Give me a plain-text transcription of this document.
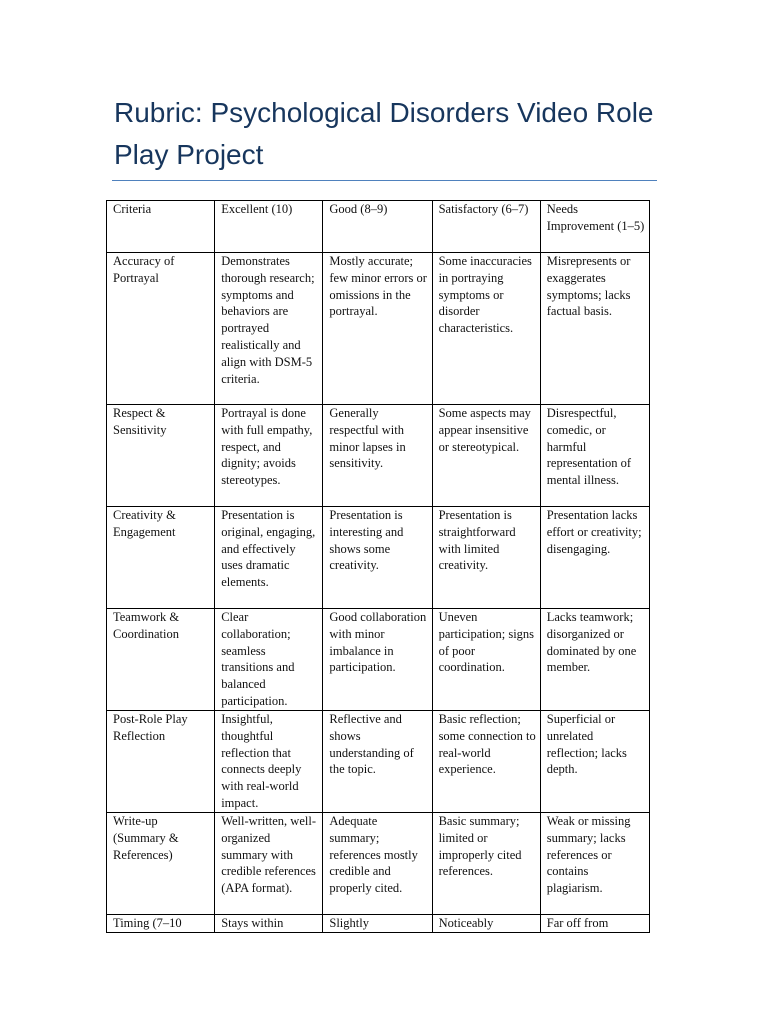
Rubric: Psychological Disorders Video Role Play Project
Criteria	Excellent (10)	Good (8–9)	Satisfactory (6–7)	Needs Improvement (1–5)
Accuracy of Portrayal	Demonstrates thorough research; symptoms and behaviors are portrayed realistically and align with DSM-5 criteria.	Mostly accurate; few minor errors or omissions in the portrayal.	Some inaccuracies in portraying symptoms or disorder characteristics.	Misrepresents or exaggerates symptoms; lacks factual basis.
Respect & Sensitivity	Portrayal is done with full empathy, respect, and dignity; avoids stereotypes.	Generally respectful with minor lapses in sensitivity.	Some aspects may appear insensitive or stereotypical.	Disrespectful, comedic, or harmful representation of mental illness.
Creativity & Engagement	Presentation is original, engaging, and effectively uses dramatic elements.	Presentation is interesting and shows some creativity.	Presentation is straightforward with limited creativity.	Presentation lacks effort or creativity; disengaging.
Teamwork & Coordination	Clear collaboration; seamless transitions and balanced participation.	Good collaboration with minor imbalance in participation.	Uneven participation; signs of poor coordination.	Lacks teamwork; disorganized or dominated by one member.
Post-Role Play Reflection	Insightful, thoughtful reflection that connects deeply with real-world impact.	Reflective and shows understanding of the topic.	Basic reflection; some connection to real-world experience.	Superficial or unrelated reflection; lacks depth.
Write-up (Summary & References)	Well-written, well-organized summary with credible references (APA format).	Adequate summary; references mostly credible and properly cited.	Basic summary; limited or improperly cited references.	Weak or missing summary; lacks references or contains plagiarism.
Timing (7–10	Stays within	Slightly	Noticeably	Far off from
